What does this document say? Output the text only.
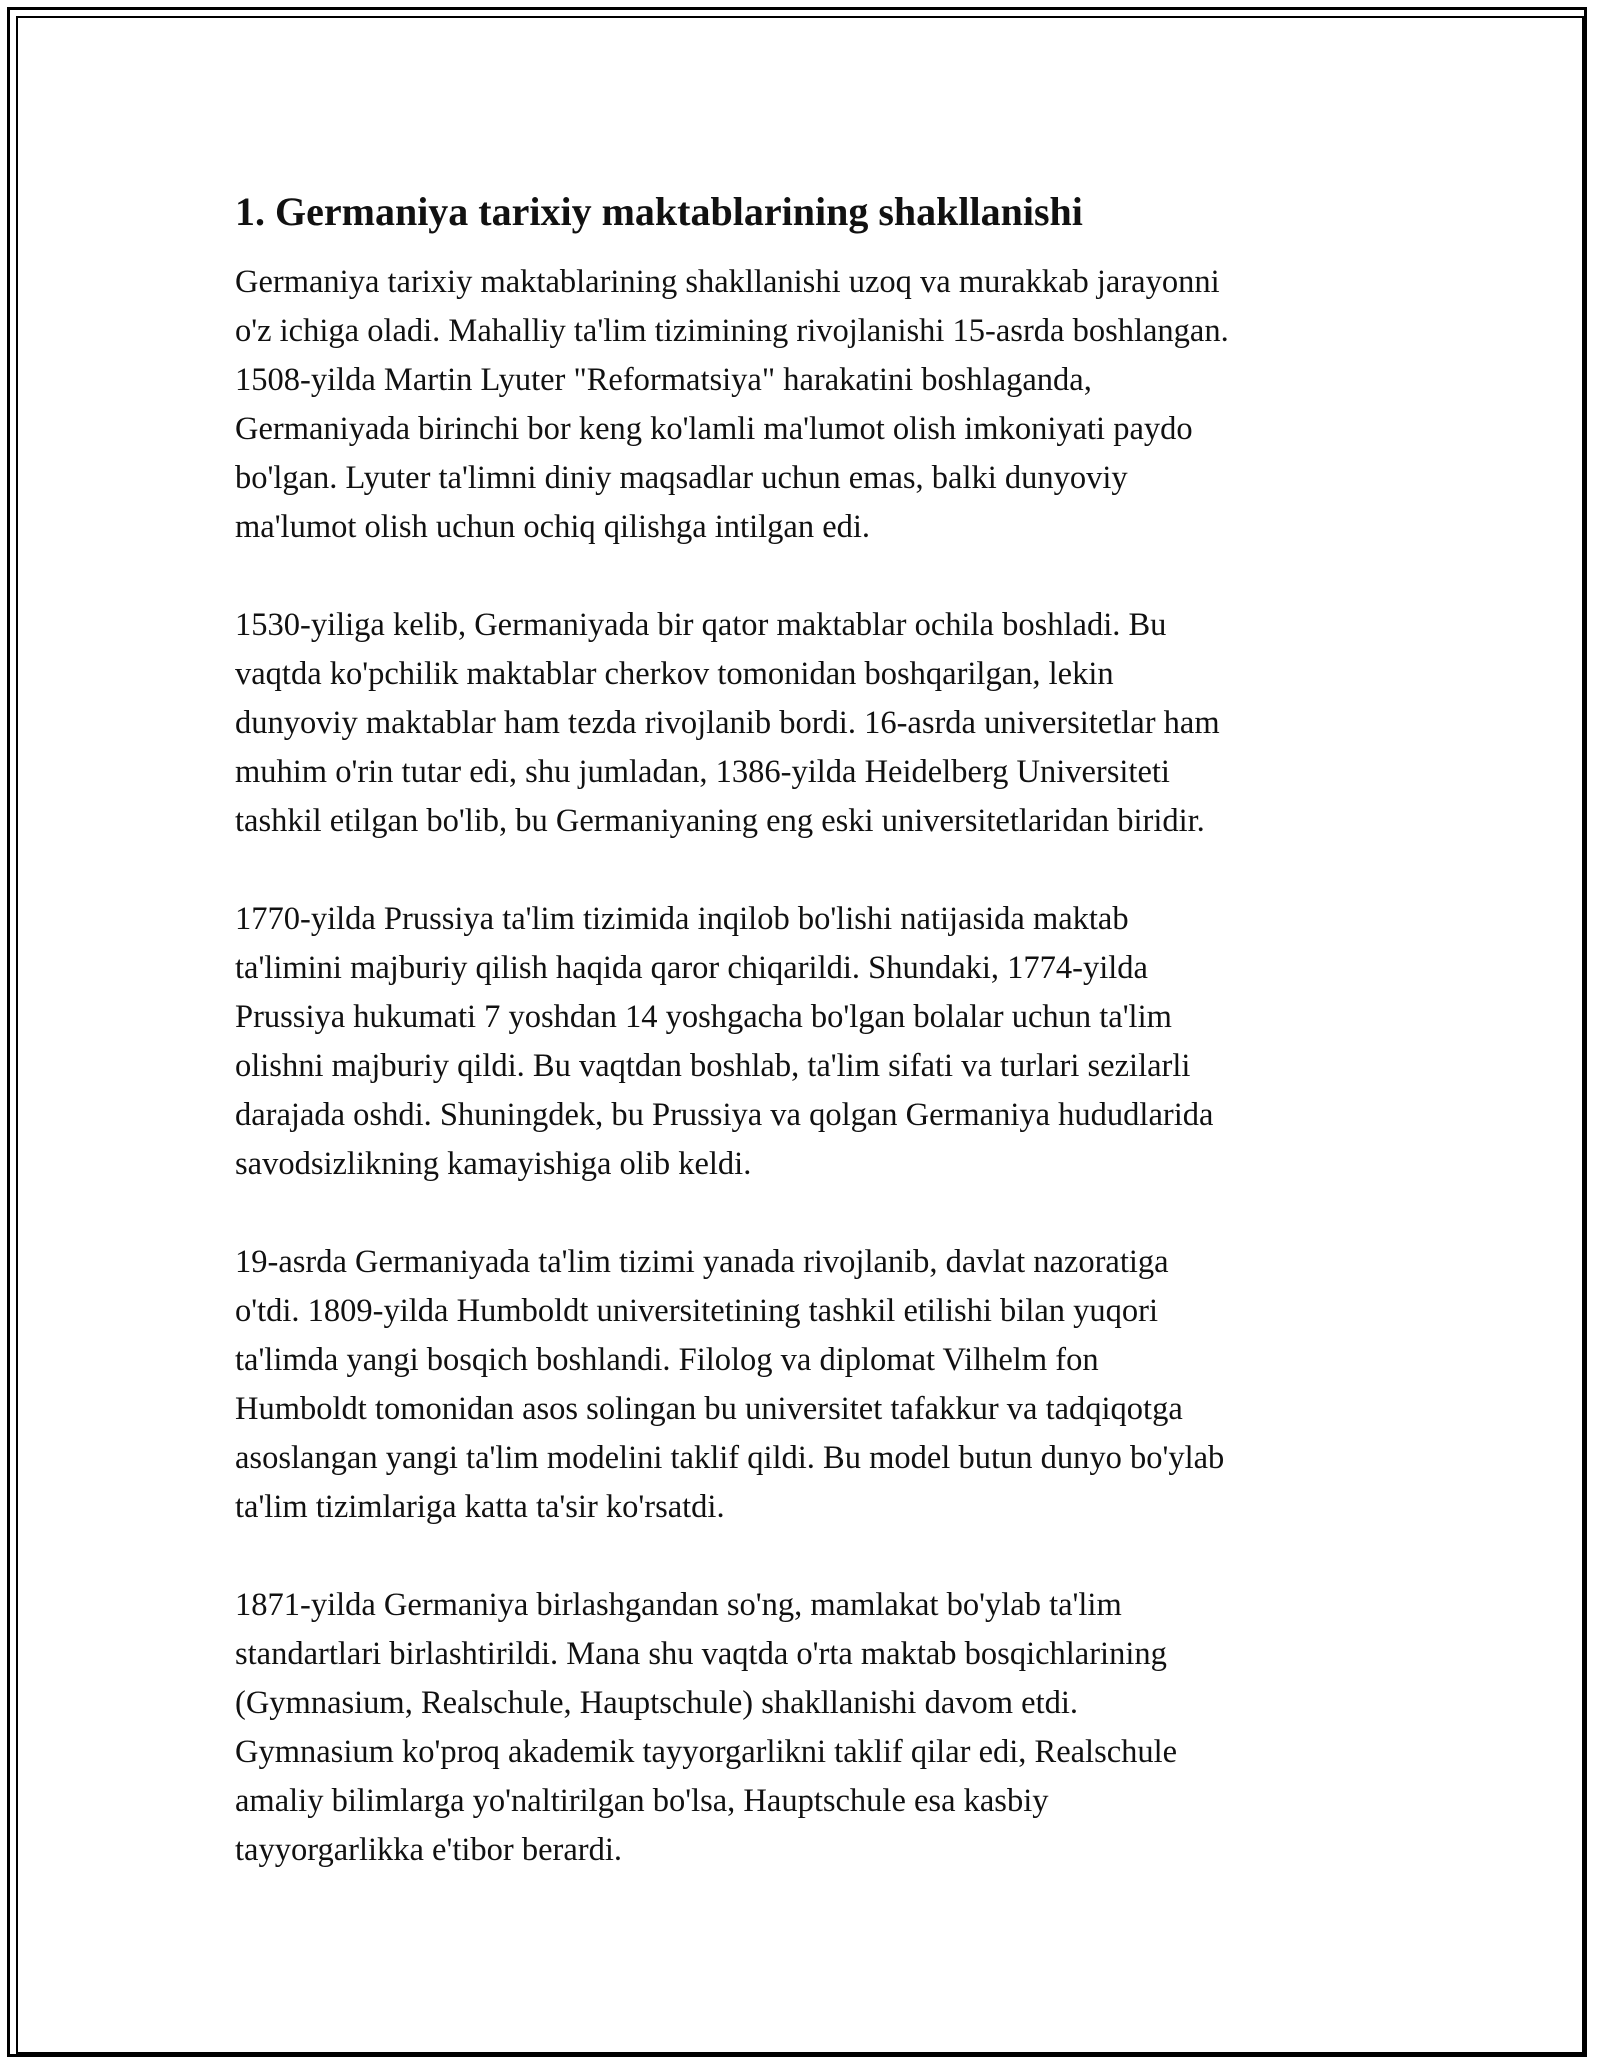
1. Germaniya tarixiy maktablarining shakllanishi

Germaniya tarixiy maktablarining shakllanishi uzoq va murakkab jarayonni
o'z ichiga oladi. Mahalliy ta'lim tizimining rivojlanishi 15-asrda boshlangan.
1508-yilda Martin Lyuter "Reformatsiya" harakatini boshlaganda,
Germaniyada birinchi bor keng ko'lamli ma'lumot olish imkoniyati paydo
bo'lgan. Lyuter ta'limni diniy maqsadlar uchun emas, balki dunyoviy
ma'lumot olish uchun ochiq qilishga intilgan edi.

1530-yiliga kelib, Germaniyada bir qator maktablar ochila boshladi. Bu
vaqtda ko'pchilik maktablar cherkov tomonidan boshqarilgan, lekin
dunyoviy maktablar ham tezda rivojlanib bordi. 16-asrda universitetlar ham
muhim o'rin tutar edi, shu jumladan, 1386-yilda Heidelberg Universiteti
tashkil etilgan bo'lib, bu Germaniyaning eng eski universitetlaridan biridir.

1770-yilda Prussiya ta'lim tizimida inqilob bo'lishi natijasida maktab
ta'limini majburiy qilish haqida qaror chiqarildi. Shundaki, 1774-yilda
Prussiya hukumati 7 yoshdan 14 yoshgacha bo'lgan bolalar uchun ta'lim
olishni majburiy qildi. Bu vaqtdan boshlab, ta'lim sifati va turlari sezilarli
darajada oshdi. Shuningdek, bu Prussiya va qolgan Germaniya hududlarida
savodsizlikning kamayishiga olib keldi.

19-asrda Germaniyada ta'lim tizimi yanada rivojlanib, davlat nazoratiga
o'tdi. 1809-yilda Humboldt universitetining tashkil etilishi bilan yuqori
ta'limda yangi bosqich boshlandi. Filolog va diplomat Vilhelm fon
Humboldt tomonidan asos solingan bu universitet tafakkur va tadqiqotga
asoslangan yangi ta'lim modelini taklif qildi. Bu model butun dunyo bo'ylab
ta'lim tizimlariga katta ta'sir ko'rsatdi.

1871-yilda Germaniya birlashgandan so'ng, mamlakat bo'ylab ta'lim
standartlari birlashtirildi. Mana shu vaqtda o'rta maktab bosqichlarining
(Gymnasium, Realschule, Hauptschule) shakllanishi davom etdi.
Gymnasium ko'proq akademik tayyorgarlikni taklif qilar edi, Realschule
amaliy bilimlarga yo'naltirilgan bo'lsa, Hauptschule esa kasbiy
tayyorgarlikka e'tibor berardi.
